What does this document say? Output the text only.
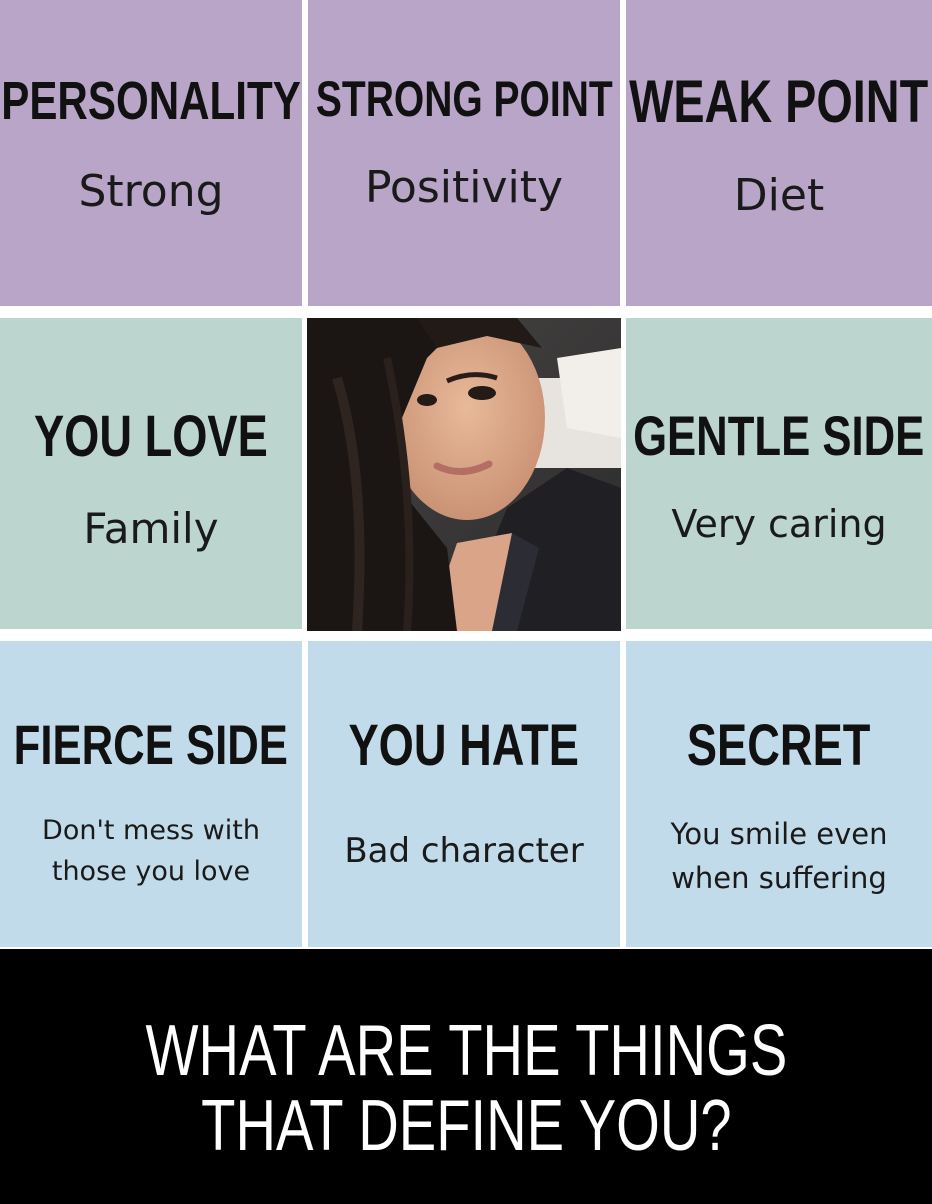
PERSONALITY
Strong
STRONG POINT
Positivity
WEAK POINT
Diet
YOU LOVE
Family
GENTLE SIDE
Very caring
FIERCE SIDE
Don't mess with
those you love
YOU HATE
Bad character
SECRET
You smile even
when suffering
WHAT ARE THE THINGS
THAT DEFINE YOU?
